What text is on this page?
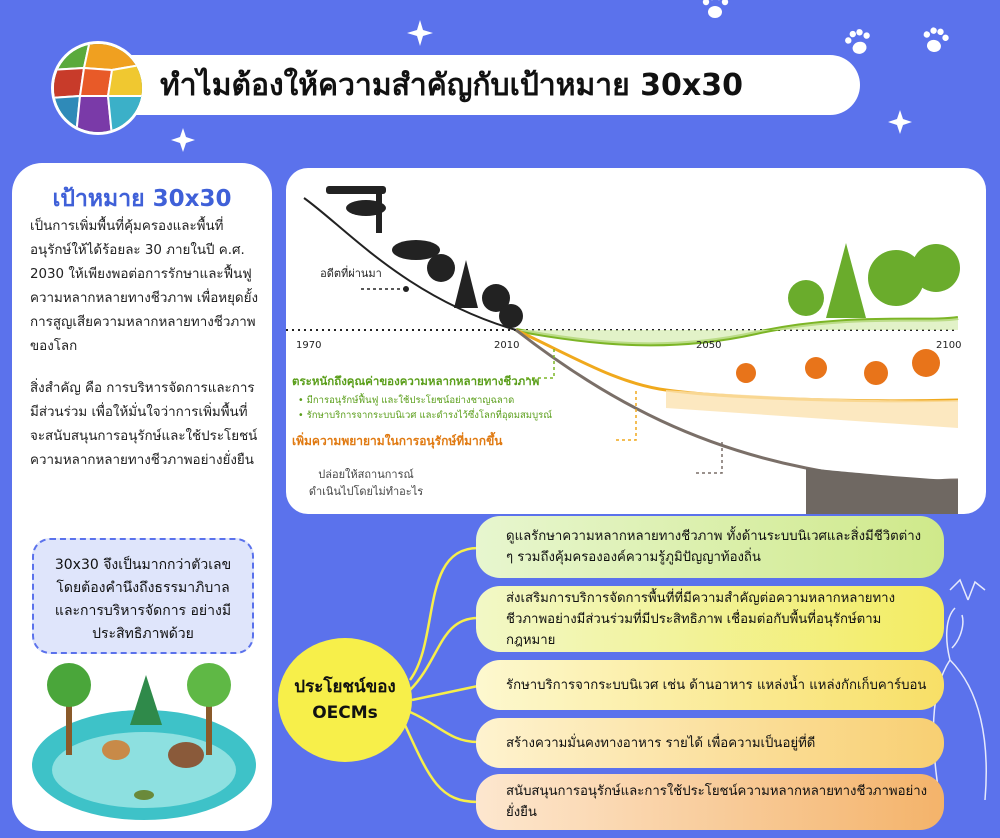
ทำไมต้องให้ความสำคัญกับเป้าหมาย 30x30
เป้าหมาย 30x30

เป็นการเพิ่มพื้นที่คุ้มครองและพื้นที่อนุรักษ์ให้ได้ร้อยละ 30 ภายในปี ค.ศ. 2030 ให้เพียงพอต่อการรักษาและฟื้นฟูความหลากหลายทางชีวภาพ เพื่อหยุดยั้งการสูญเสียความหลากหลายทางชีวภาพของโลก

สิ่งสำคัญ คือ การบริหารจัดการและการมีส่วนร่วม เพื่อให้มั่นใจว่าการเพิ่มพื้นที่จะสนับสนุนการอนุรักษ์และใช้ประโยชน์ความหลากหลายทางชีวภาพอย่างยั่งยืน

30x30 จึงเป็นมากกว่าตัวเลข โดยต้องคำนึงถึงธรรมาภิบาล และการบริหารจัดการ อย่างมีประสิทธิภาพด้วย
1970	2010	2050	2100
อดีตที่ผ่านมา
ตระหนักถึงคุณค่าของความหลากหลายทางชีวภาพ
• มีการอนุรักษ์ฟื้นฟู และใช้ประโยชน์อย่างชาญฉลาด
• รักษาบริการจากระบบนิเวศ และดำรงไว้ซึ่งโลกที่อุดมสมบูรณ์
เพิ่มความพยายามในการอนุรักษ์ที่มากขึ้น
ปล่อยให้สถานการณ์ดำเนินไปโดยไม่ทำอะไร
ประโยชน์ของ
OECMs
ดูแลรักษาความหลากหลายทางชีวภาพ ทั้งด้านระบบนิเวศและสิ่งมีชีวิตต่าง ๆ รวมถึงคุ้มครององค์ความรู้ภูมิปัญญาท้องถิ่น
ส่งเสริมการบริการจัดการพื้นที่ที่มีความสำคัญต่อความหลากหลายทางชีวภาพอย่างมีส่วนร่วมที่มีประสิทธิภาพ เชื่อมต่อกับพื้นที่อนุรักษ์ตามกฎหมาย
รักษาบริการจากระบบนิเวศ เช่น ด้านอาหาร แหล่งน้ำ แหล่งกักเก็บคาร์บอน
สร้างความมั่นคงทางอาหาร รายได้ เพื่อความเป็นอยู่ที่ดี
สนับสนุนการอนุรักษ์และการใช้ประโยชน์ความหลากหลายทางชีวภาพอย่างยั่งยืน
